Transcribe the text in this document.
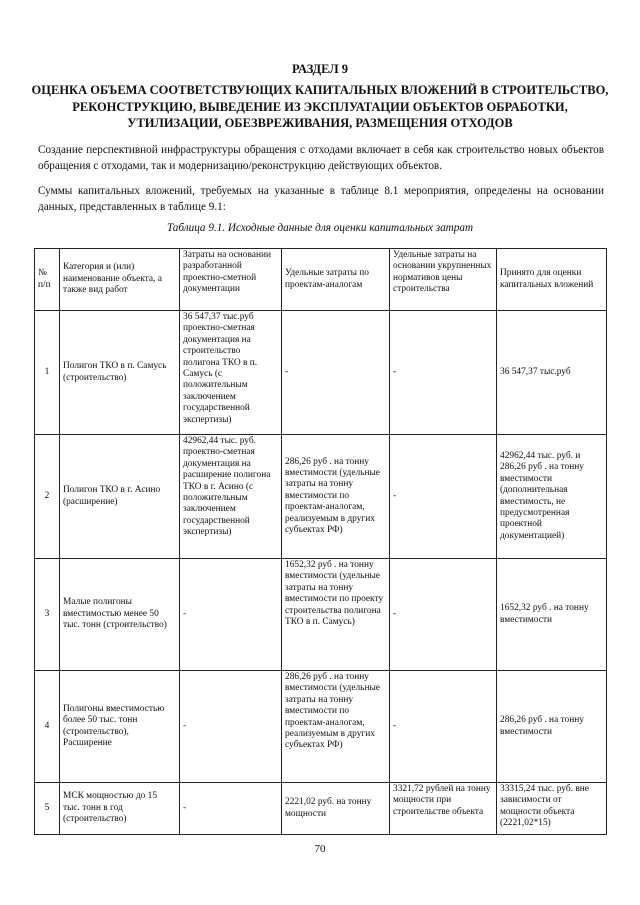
РАЗДЕЛ 9
ОЦЕНКА ОБЪЕМА СООТВЕТСТВУЮЩИХ КАПИТАЛЬНЫХ ВЛОЖЕНИЙ В СТРОИТЕЛЬСТВО, РЕКОНСТРУКЦИЮ, ВЫВЕДЕНИЕ ИЗ ЭКСПЛУАТАЦИИ ОБЪЕКТОВ ОБРАБОТКИ, УТИЛИЗАЦИИ, ОБЕЗВРЕЖИВАНИЯ, РАЗМЕЩЕНИЯ ОТХОДОВ
Создание перспективной инфраструктуры обращения с отходами включает в себя как строительство новых объектов обращения с отходами, так и модернизацию/реконструкцию действующих объектов.
Суммы капитальных вложений, требуемых на указанные в таблице 8.1 мероприятия, определены на основании данных, представленных в таблице 9.1:
Таблица 9.1. Исходные данные для оценки капитальных затрат
№ п/п	Категория и (или) наименование объекта, а также вид работ	Затраты на основании разработанной проектно-сметной документации	Удельные затраты по проектам-аналогам	Удельные затраты на основании укрупненных нормативов цены строительства	Принято для оценки капитальных вложений
1	Полигон ТКО в п. Самусь (строительство)	36 547,37 тыс.руб проектно-сметная документация на строительство полигона ТКО в п. Самусь (с положительным заключением государственной экспертизы)	-	-	36 547,37 тыс.руб
2	Полигон ТКО в г. Асино (расширение)	42962,44 тыс. руб. проектно-сметная документация на расширение полигона ТКО в г. Асино (с положительным заключением государственной экспертизы)	286,26 руб . на тонну вместимости (удельные затраты на тонну вместимости по проектам-аналогам, реализуемым в других субъектах РФ)	-	42962,44 тыс. руб. и 286,26 руб . на тонну вместимости (дополнительная вместимость, не предусмотренная проектной документацией)
3	Малые полигоны вместимостью менее 50 тыс. тонн (строительство)	-	1652,32 руб . на тонну вместимости (удельные затраты на тонну вместимости по проекту строительства полигона ТКО в п. Самусь)	-	1652,32 руб . на тонну вместимости
4	Полигоны вместимостью более 50 тыс. тонн (строительство), Расширение	-	286,26 руб . на тонну вместимости (удельные затраты на тонну вместимости по проектам-аналогам, реализуемым в других субъектах РФ)	-	286,26 руб . на тонну вместимости
5	МСК мощностью до 15 тыс. тонн в год (строительство)	-	2221,02 руб. на тонну мощности	3321,72 рублей на тонну мощности при строительстве объекта	33315,24 тыс. руб. вне зависимости от мощности объекта (2221,02*15)
70
